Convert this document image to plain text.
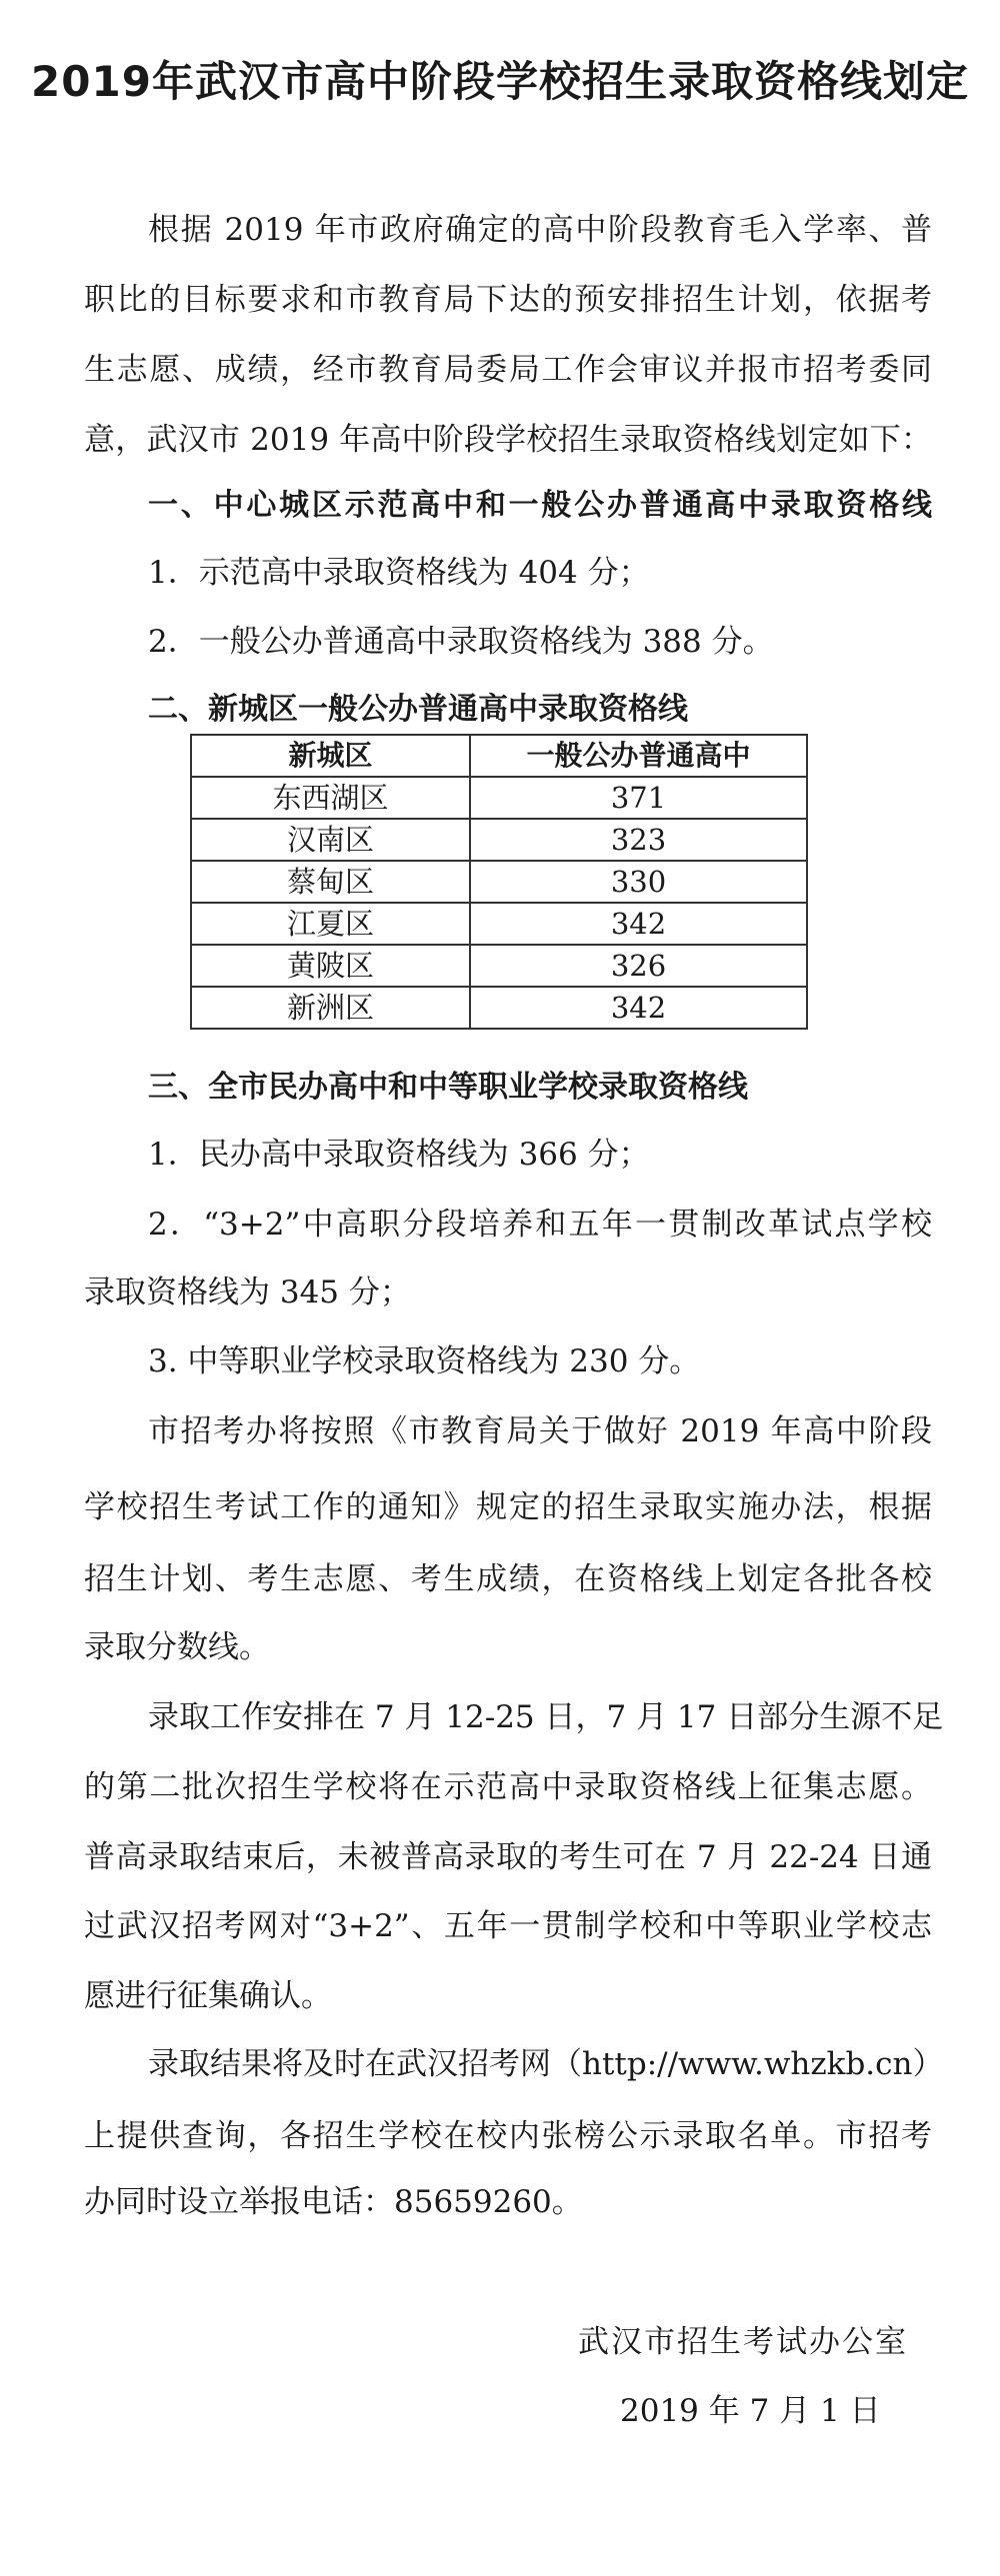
2019年武汉市高中阶段学校招生录取资格线划定
根据 2019 年市政府确定的高中阶段教育毛入学率、普
职比的目标要求和市教育局下达的预安排招生计划，依据考
生志愿、成绩，经市教育局委局工作会审议并报市招考委同
意，武汉市 2019 年高中阶段学校招生录取资格线划定如下：
一、中心城区示范高中和一般公办普通高中录取资格线
1．示范高中录取资格线为 404 分；
2．一般公办普通高中录取资格线为 388 分。
二、新城区一般公办普通高中录取资格线
新城区	一般公办普通高中
东西湖区	371
汉南区	323
蔡甸区	330
江夏区	342
黄陂区	326
新洲区	342
三、全市民办高中和中等职业学校录取资格线
1．民办高中录取资格线为 366 分；
2．“3+2”中高职分段培养和五年一贯制改革试点学校
录取资格线为 345 分；
3. 中等职业学校录取资格线为 230 分。
市招考办将按照《市教育局关于做好 2019 年高中阶段
学校招生考试工作的通知》规定的招生录取实施办法，根据
招生计划、考生志愿、考生成绩，在资格线上划定各批各校
录取分数线。
录取工作安排在 7 月 12-25 日，7 月 17 日部分生源不足
的第二批次招生学校将在示范高中录取资格线上征集志愿。
普高录取结束后，未被普高录取的考生可在 7 月 22-24 日通
过武汉招考网对“3+2”、五年一贯制学校和中等职业学校志
愿进行征集确认。
录取结果将及时在武汉招考网（http://www.whzkb.cn）
上提供查询，各招生学校在校内张榜公示录取名单。市招考
办同时设立举报电话：85659260。
武汉市招生考试办公室
2019 年 7 月 1 日
